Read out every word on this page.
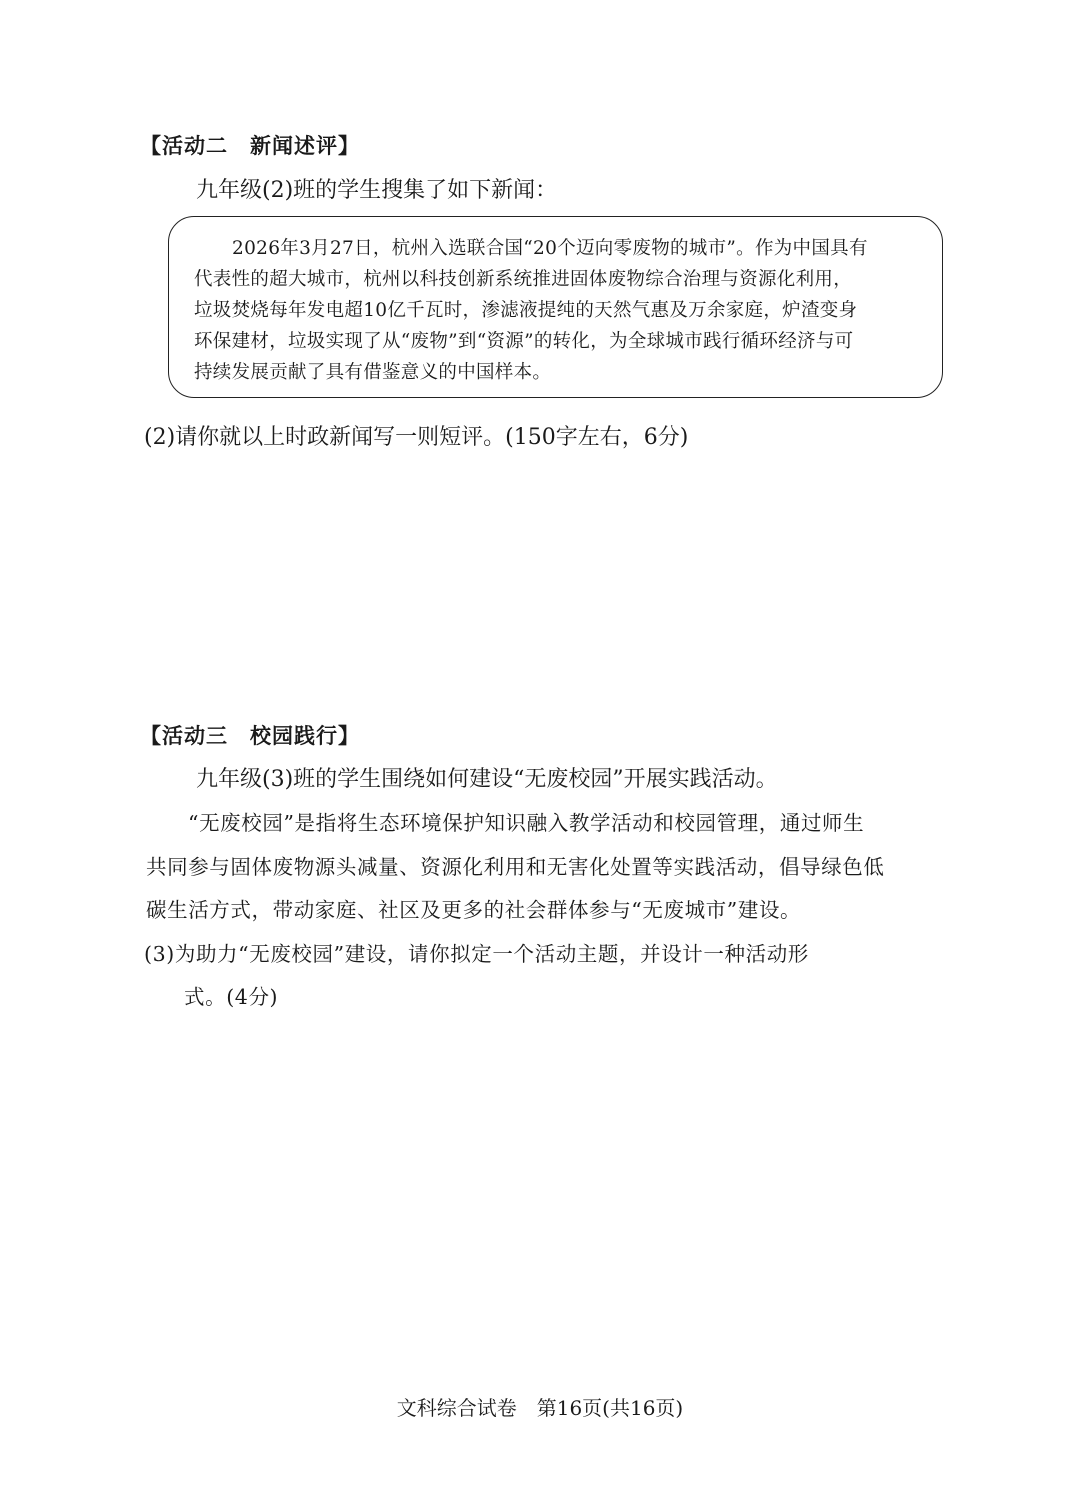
【活动二　新闻述评】
九年级(2)班的学生搜集了如下新闻：
2026年3月27日，杭州入选联合国“20个迈向零废物的城市”。作为中国具有
代表性的超大城市，杭州以科技创新系统推进固体废物综合治理与资源化利用，
垃圾焚烧每年发电超10亿千瓦时，渗滤液提纯的天然气惠及万余家庭，炉渣变身
环保建材，垃圾实现了从“废物”到“资源”的转化，为全球城市践行循环经济与可
持续发展贡献了具有借鉴意义的中国样本。
(2)请你就以上时政新闻写一则短评。(150字左右，6分)
【活动三　校园践行】
九年级(3)班的学生围绕如何建设“无废校园”开展实践活动。
“无废校园”是指将生态环境保护知识融入教学活动和校园管理，通过师生
共同参与固体废物源头减量、资源化利用和无害化处置等实践活动，倡导绿色低
碳生活方式，带动家庭、社区及更多的社会群体参与“无废城市”建设。
(3)为助力“无废校园”建设，请你拟定一个活动主题，并设计一种活动形
式。(4分)
文科综合试卷　第16页(共16页)
